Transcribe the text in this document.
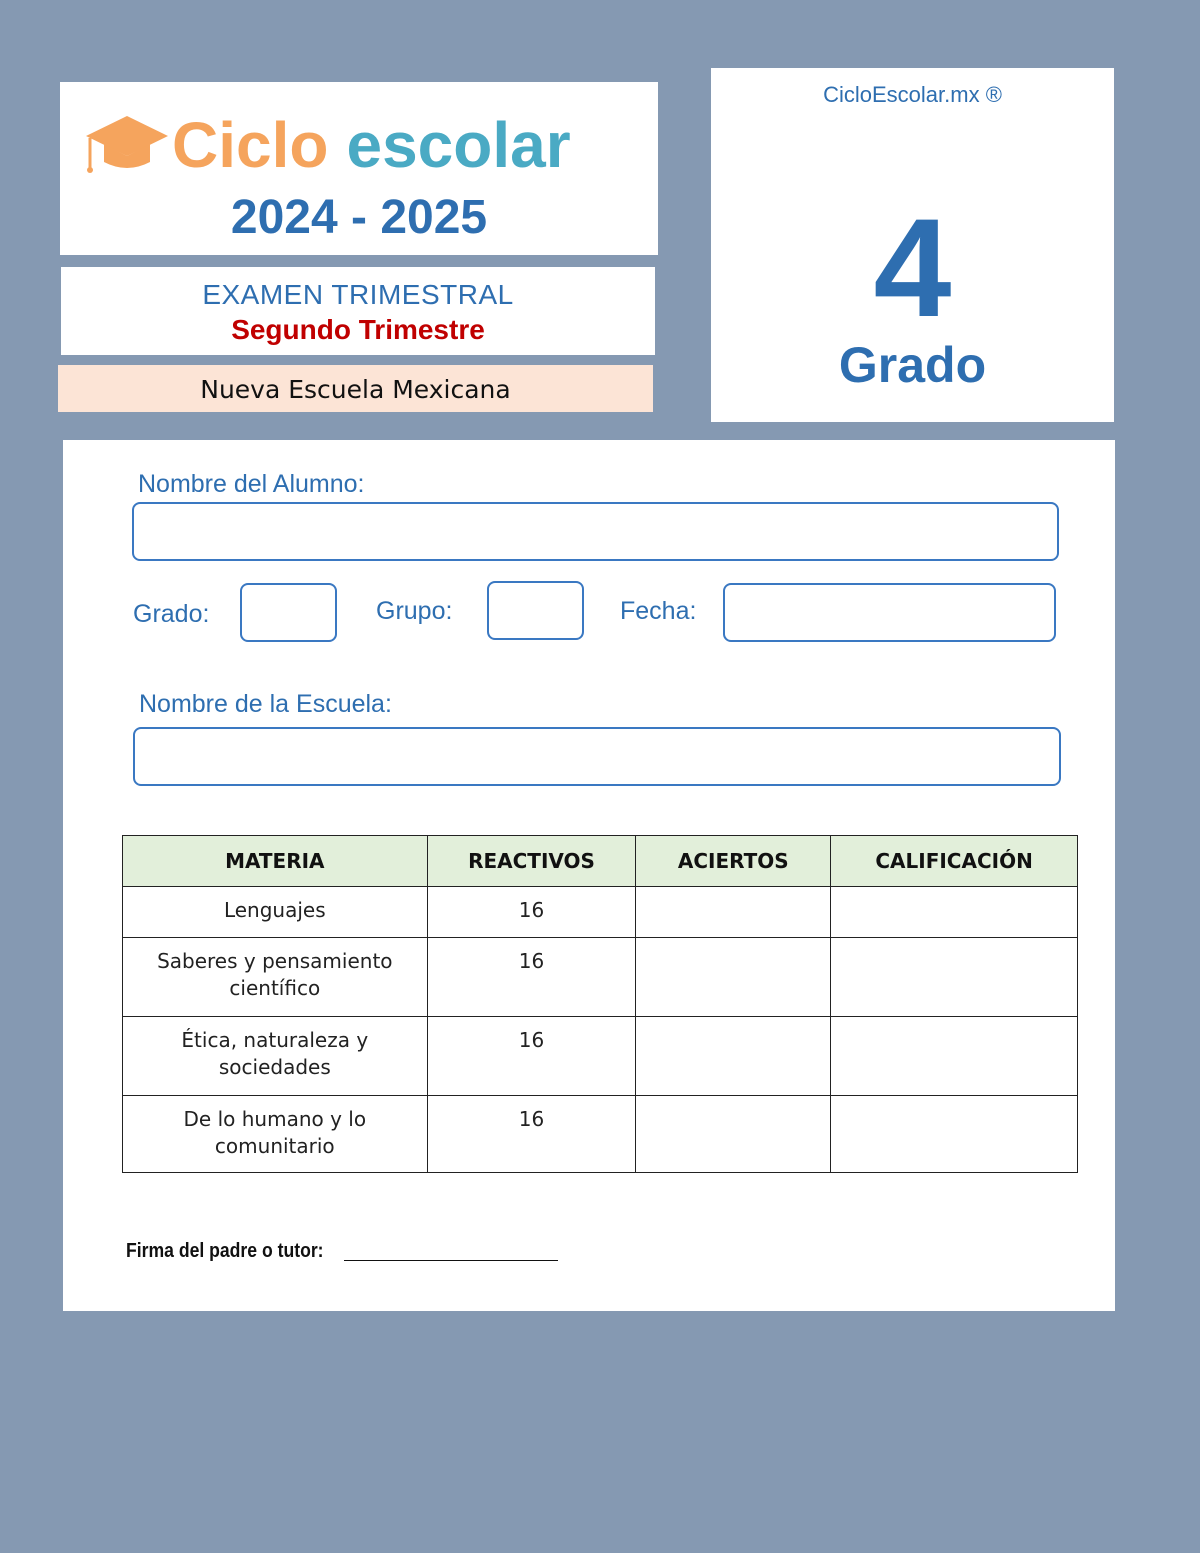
Ciclo escolar
2024 - 2025
EXAMEN TRIMESTRAL
Segundo Trimestre
Nueva Escuela Mexicana
CicloEscolar.mx ®
4
Grado
Nombre del Alumno:
Grado:	Grupo:	Fecha:
Nombre de la Escuela:
MATERIA	REACTIVOS	ACIERTOS	CALIFICACIÓN
Lenguajes	16		
Saberes y pensamiento científico	16		
Ética, naturaleza y sociedades	16		
De lo humano y lo comunitario	16		
Firma del padre o tutor:
